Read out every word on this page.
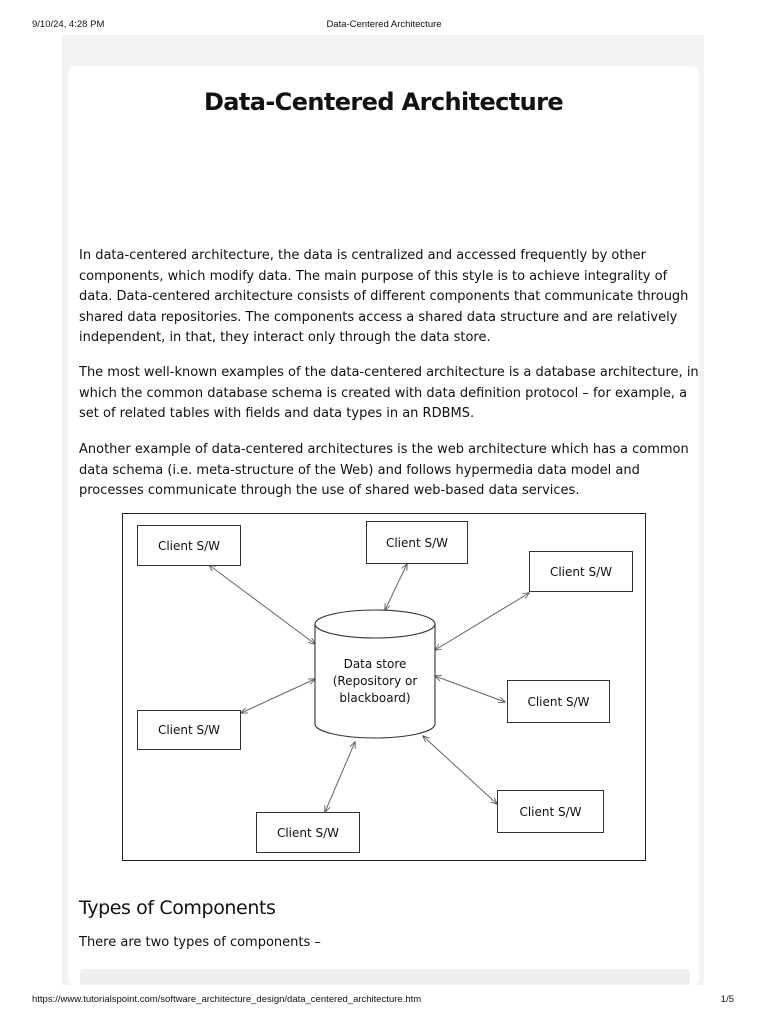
9/10/24, 4:28 PM	Data-Centered Architecture
Data-Centered Architecture

In data-centered architecture, the data is centralized and accessed frequently by other components, which modify data. The main purpose of this style is to achieve integrality of data. Data-centered architecture consists of different components that communicate through shared data repositories. The components access a shared data structure and are relatively independent, in that, they interact only through the data store.

The most well-known examples of the data-centered architecture is a database architecture, in which the common database schema is created with data definition protocol – for example, a set of related tables with fields and data types in an RDBMS.

Another example of data-centered architectures is the web architecture which has a common data schema (i.e. meta-structure of the Web) and follows hypermedia data model and processes communicate through the use of shared web-based data services.

Data store
(Repository or
blackboard)
Client S/W	Client S/W
Client S/W
Client S/W
Client S/W
Client S/W
Client S/W
Types of Components
There are two types of components –
https://www.tutorialspoint.com/software_architecture_design/data_centered_architecture.htm	1/5
